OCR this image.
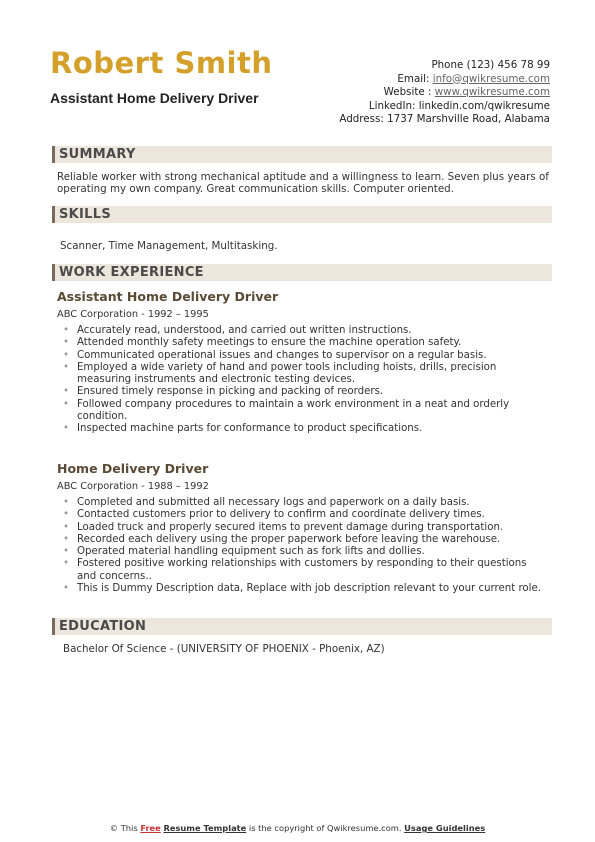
Robert Smith
Assistant Home Delivery Driver
Phone (123) 456 78 99
Email: info@qwikresume.com
Website : www.qwikresume.com
LinkedIn: linkedin.com/qwikresume
Address: 1737 Marshville Road, Alabama
SUMMARY
Reliable worker with strong mechanical aptitude and a willingness to learn. Seven plus years of
operating my own company. Great communication skills. Computer oriented.
SKILLS
Scanner, Time Management, Multitasking.
WORK EXPERIENCE
Assistant Home Delivery Driver
ABC Corporation - 1992 – 1995
• Accurately read, understood, and carried out written instructions.
• Attended monthly safety meetings to ensure the machine operation safety.
• Communicated operational issues and changes to supervisor on a regular basis.
• Employed a wide variety of hand and power tools including hoists, drills, precision measuring instruments and electronic testing devices.
• Ensured timely response in picking and packing of reorders.
• Followed company procedures to maintain a work environment in a neat and orderly condition.
• Inspected machine parts for conformance to product specifications.
Home Delivery Driver
ABC Corporation - 1988 – 1992
• Completed and submitted all necessary logs and paperwork on a daily basis.
• Contacted customers prior to delivery to confirm and coordinate delivery times.
• Loaded truck and properly secured items to prevent damage during transportation.
• Recorded each delivery using the proper paperwork before leaving the warehouse.
• Operated material handling equipment such as fork lifts and dollies.
• Fostered positive working relationships with customers by responding to their questions and concerns..
• This is Dummy Description data, Replace with job description relevant to your current role.
EDUCATION
Bachelor Of Science - (UNIVERSITY OF PHOENIX - Phoenix, AZ)
© This Free Resume Template is the copyright of Qwikresume.com. Usage Guidelines
